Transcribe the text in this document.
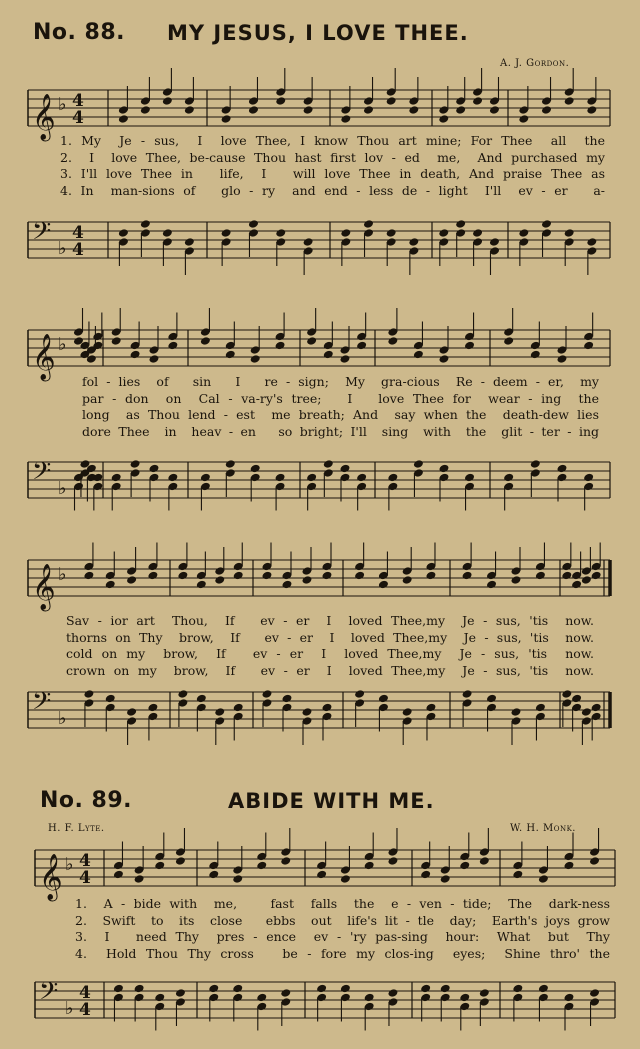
No. 88. MY JESUS, I LOVE THEE.
A. J. Gordon.
𝄞 ♭ 4
4
1. My  Je - sus,  I  love Thee, I know Thou art mine; For Thee  all  the
2.  I  love Thee, be-cause Thou hast first lov - ed  me,  And purchased my
3. I'll love Thee in   life,  I   will love Thee in death, And praise Thee as
4. In  man-sions of   glo - ry  and end - less de - light  I'll  ev - er   a-
𝄢 ♭
4
4
𝄞 ♭
fol - lies  of   sin   I   re - sign;  My  gra-cious  Re - deem - er,  my
par - don  on  Cal - va-ry's tree;   I   love Thee for  wear - ing  the
long  as Thou lend - est  me breath; And  say when the  death-dew lies
dore Thee  in  heav - en   so bright; I'll  sing  with  the  glit - ter - ing
𝄢 ♭
𝄞 ♭
Sav - ior art  Thou,  If   ev - er  I  loved Thee,my  Je - sus, 'tis  now.
thorns on Thy  brow,  If   ev - er  I  loved Thee,my  Je - sus, 'tis  now.
cold on my  brow,  If   ev - er  I  loved Thee,my  Je - sus, 'tis  now.
crown on my  brow,  If   ev - er  I  loved Thee,my  Je - sus, 'tis  now.
𝄢 ♭
No. 89.	ABIDE WITH ME.
H. F. Lyte.	W. H. Monk.
𝄞 ♭ 4
4
1.  A - bide with  me,    fast  falls  the  e - ven - tide;  The  dark-ness
2.  Swift  to  its  close   ebbs  out  life's lit - tle  day;  Earth's joys grow
3.  I   need Thy  pres - ence  ev - 'ry pas-sing  hour:  What  but  Thy
4.  Hold Thou Thy cross   be - fore my clos-ing  eyes;  Shine thro' the
𝄢 ♭
4
4
